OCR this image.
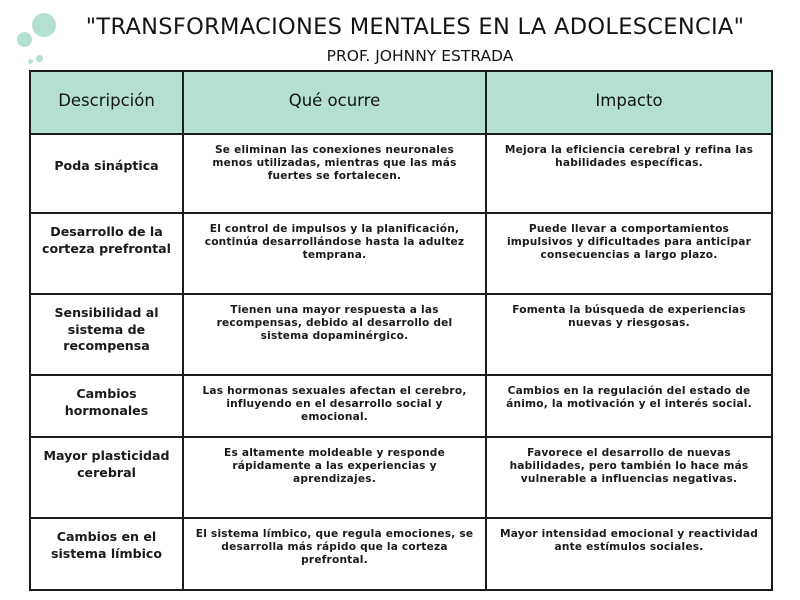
"TRANSFORMACIONES MENTALES EN LA ADOLESCENCIA"
PROF. JOHNNY ESTRADA
Descripción	Qué ocurre	Impacto
Poda sináptica	Se eliminan las conexiones neuronales menos utilizadas, mientras que las más fuertes se fortalecen.	Mejora la eficiencia cerebral y refina las habilidades específicas.
Desarrollo de la corteza prefrontal	El control de impulsos y la planificación, continúa desarrollándose hasta la adultez temprana.	Puede llevar a comportamientos impulsivos y dificultades para anticipar consecuencias a largo plazo.
Sensibilidad al sistema de recompensa	Tienen una mayor respuesta a las recompensas, debido al desarrollo del sistema dopaminérgico.	Fomenta la búsqueda de experiencias nuevas y riesgosas.
Cambios hormonales	Las hormonas sexuales afectan el cerebro, influyendo en el desarrollo social y emocional.	Cambios en la regulación del estado de ánimo, la motivación y el interés social.
Mayor plasticidad cerebral	Es altamente moldeable y responde rápidamente a las experiencias y aprendizajes.	Favorece el desarrollo de nuevas habilidades, pero también lo hace más vulnerable a influencias negativas.
Cambios en el sistema límbico	El sistema límbico, que regula emociones, se desarrolla más rápido que la corteza prefrontal.	Mayor intensidad emocional y reactividad ante estímulos sociales.
